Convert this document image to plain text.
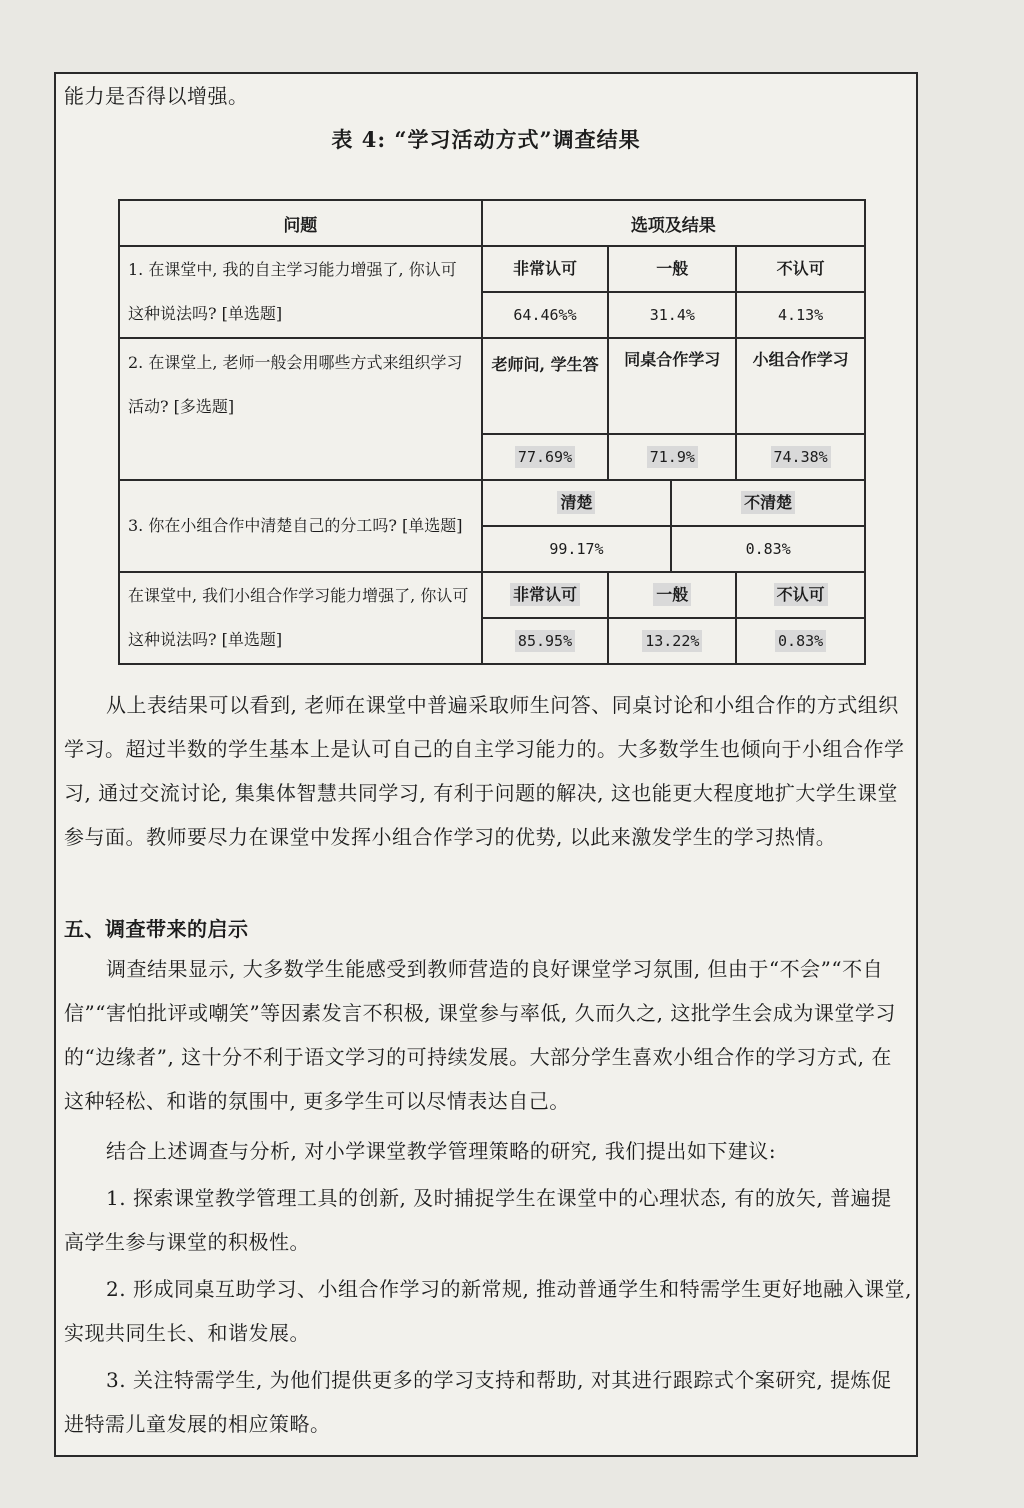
能力是否得以增强。

表 4: “学习活动方式”调查结果
问题	选项及结果			
1. 在课堂中, 我的自主学习能力增强了, 你认可这种说法吗? [单选题]	非常认可	一般		不认可
	64.46%%	31.4%		4.13%
2. 在课堂上, 老师一般会用哪些方式来组织学习活动? [多选题]	老师问, 学生答	同桌合作学习		小组合作学习
	77.69%	71.9%		74.38%
3. 你在小组合作中清楚自己的分工吗? [单选题]	清楚		不清楚	
	99.17%		0.83%	
在课堂中, 我们小组合作学习能力增强了, 你认可这种说法吗? [单选题]	非常认可	一般		不认可
	85.95%	13.22%		0.83%

从上表结果可以看到, 老师在课堂中普遍采取师生问答、同桌讨论和小组合作的方式组织学习。超过半数的学生基本上是认可自己的自主学习能力的。大多数学生也倾向于小组合作学习, 通过交流讨论, 集集体智慧共同学习, 有利于问题的解决, 这也能更大程度地扩大学生课堂参与面。教师要尽力在课堂中发挥小组合作学习的优势, 以此来激发学生的学习热情。

五、调查带来的启示

调查结果显示, 大多数学生能感受到教师营造的良好课堂学习氛围, 但由于“不会”“不自信”“害怕批评或嘲笑”等因素发言不积极, 课堂参与率低, 久而久之, 这批学生会成为课堂学习的“边缘者”, 这十分不利于语文学习的可持续发展。大部分学生喜欢小组合作的学习方式, 在这种轻松、和谐的氛围中, 更多学生可以尽情表达自己。

结合上述调查与分析, 对小学课堂教学管理策略的研究, 我们提出如下建议:

1. 探索课堂教学管理工具的创新, 及时捕捉学生在课堂中的心理状态, 有的放矢, 普遍提高学生参与课堂的积极性。

2. 形成同桌互助学习、小组合作学习的新常规, 推动普通学生和特需学生更好地融入课堂, 实现共同生长、和谐发展。

3. 关注特需学生, 为他们提供更多的学习支持和帮助, 对其进行跟踪式个案研究, 提炼促进特需儿童发展的相应策略。
